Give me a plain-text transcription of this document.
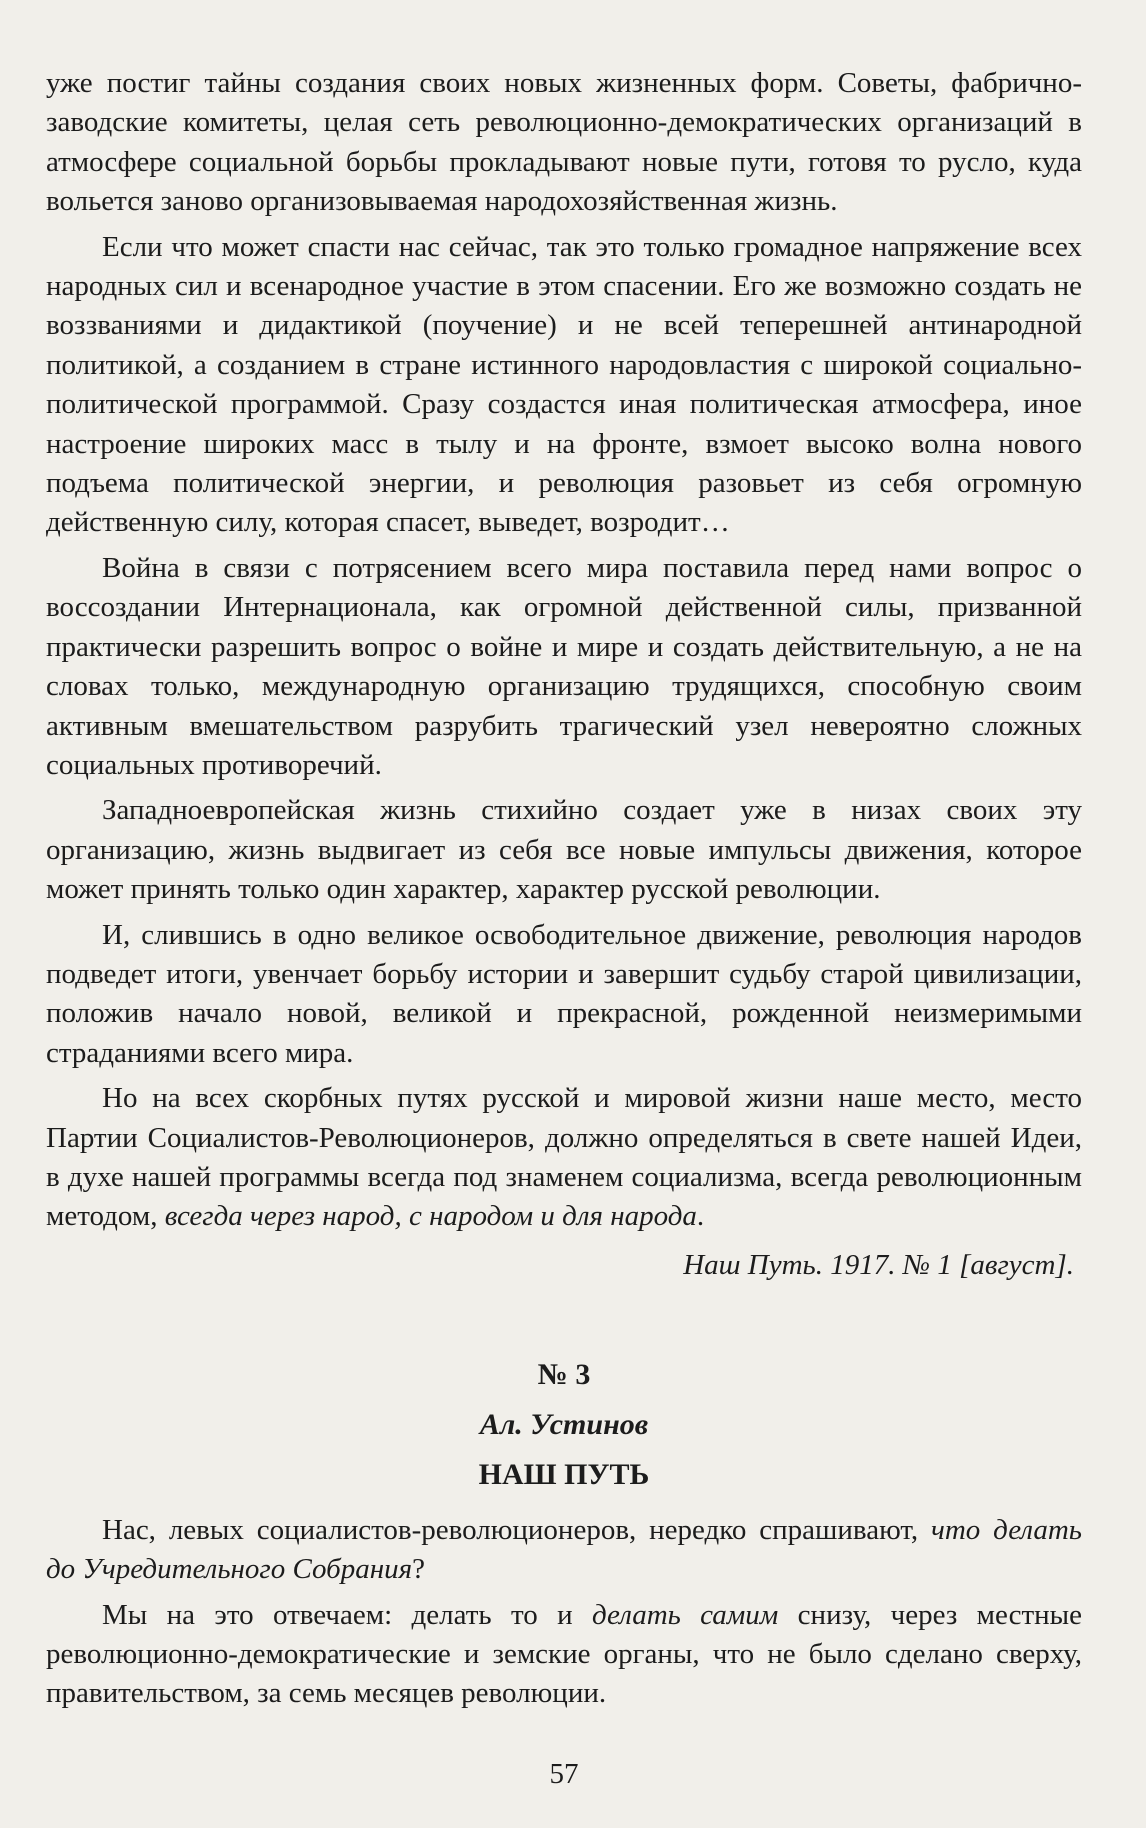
уже постиг тайны создания своих новых жизненных форм. Советы, фабрично-заводские комитеты, целая сеть революционно-демократических организаций в атмосфере социальной борьбы прокладывают новые пути, готовя то русло, куда вольется заново организовываемая народохозяйственная жизнь.

Если что может спасти нас сейчас, так это только громадное напряжение всех народных сил и всенародное участие в этом спасении. Его же возможно создать не воззваниями и дидактикой (поучение) и не всей теперешней антинародной политикой, а созданием в стране истинного народовластия с широкой социально-политической программой. Сразу создастся иная политическая атмосфера, иное настроение широких масс в тылу и на фронте, взмоет высоко волна нового подъема политической энергии, и революция разовьет из себя огромную действенную силу, которая спасет, выведет, возродит…

Война в связи с потрясением всего мира поставила перед нами вопрос о воссоздании Интернационала, как огромной действенной силы, призванной практически разрешить вопрос о войне и мире и создать действительную, а не на словах только, международную организацию трудящихся, способную своим активным вмешательством разрубить трагический узел невероятно сложных социальных противоречий.

Западноевропейская жизнь стихийно создает уже в низах своих эту организацию, жизнь выдвигает из себя все новые импульсы движения, которое может принять только один характер, характер русской революции.

И, слившись в одно великое освободительное движение, революция народов подведет итоги, увенчает борьбу истории и завершит судьбу старой цивилизации, положив начало новой, великой и прекрасной, рожденной неизмеримыми страданиями всего мира.

Но на всех скорбных путях русской и мировой жизни наше место, место Партии Социалистов-Революционеров, должно определяться в свете нашей Идеи, в духе нашей программы всегда под знаменем социализма, всегда революционным методом, всегда через народ, с народом и для народа.

Наш Путь. 1917. № 1 [август].

№ 3
Ал. Устинов
НАШ ПУТЬ

Нас, левых социалистов-революционеров, нередко спрашивают, что делать до Учредительного Собрания?

Мы на это отвечаем: делать то и делать самим снизу, через местные революционно-демократические и земские органы, что не было сделано сверху, правительством, за семь месяцев революции.

57
